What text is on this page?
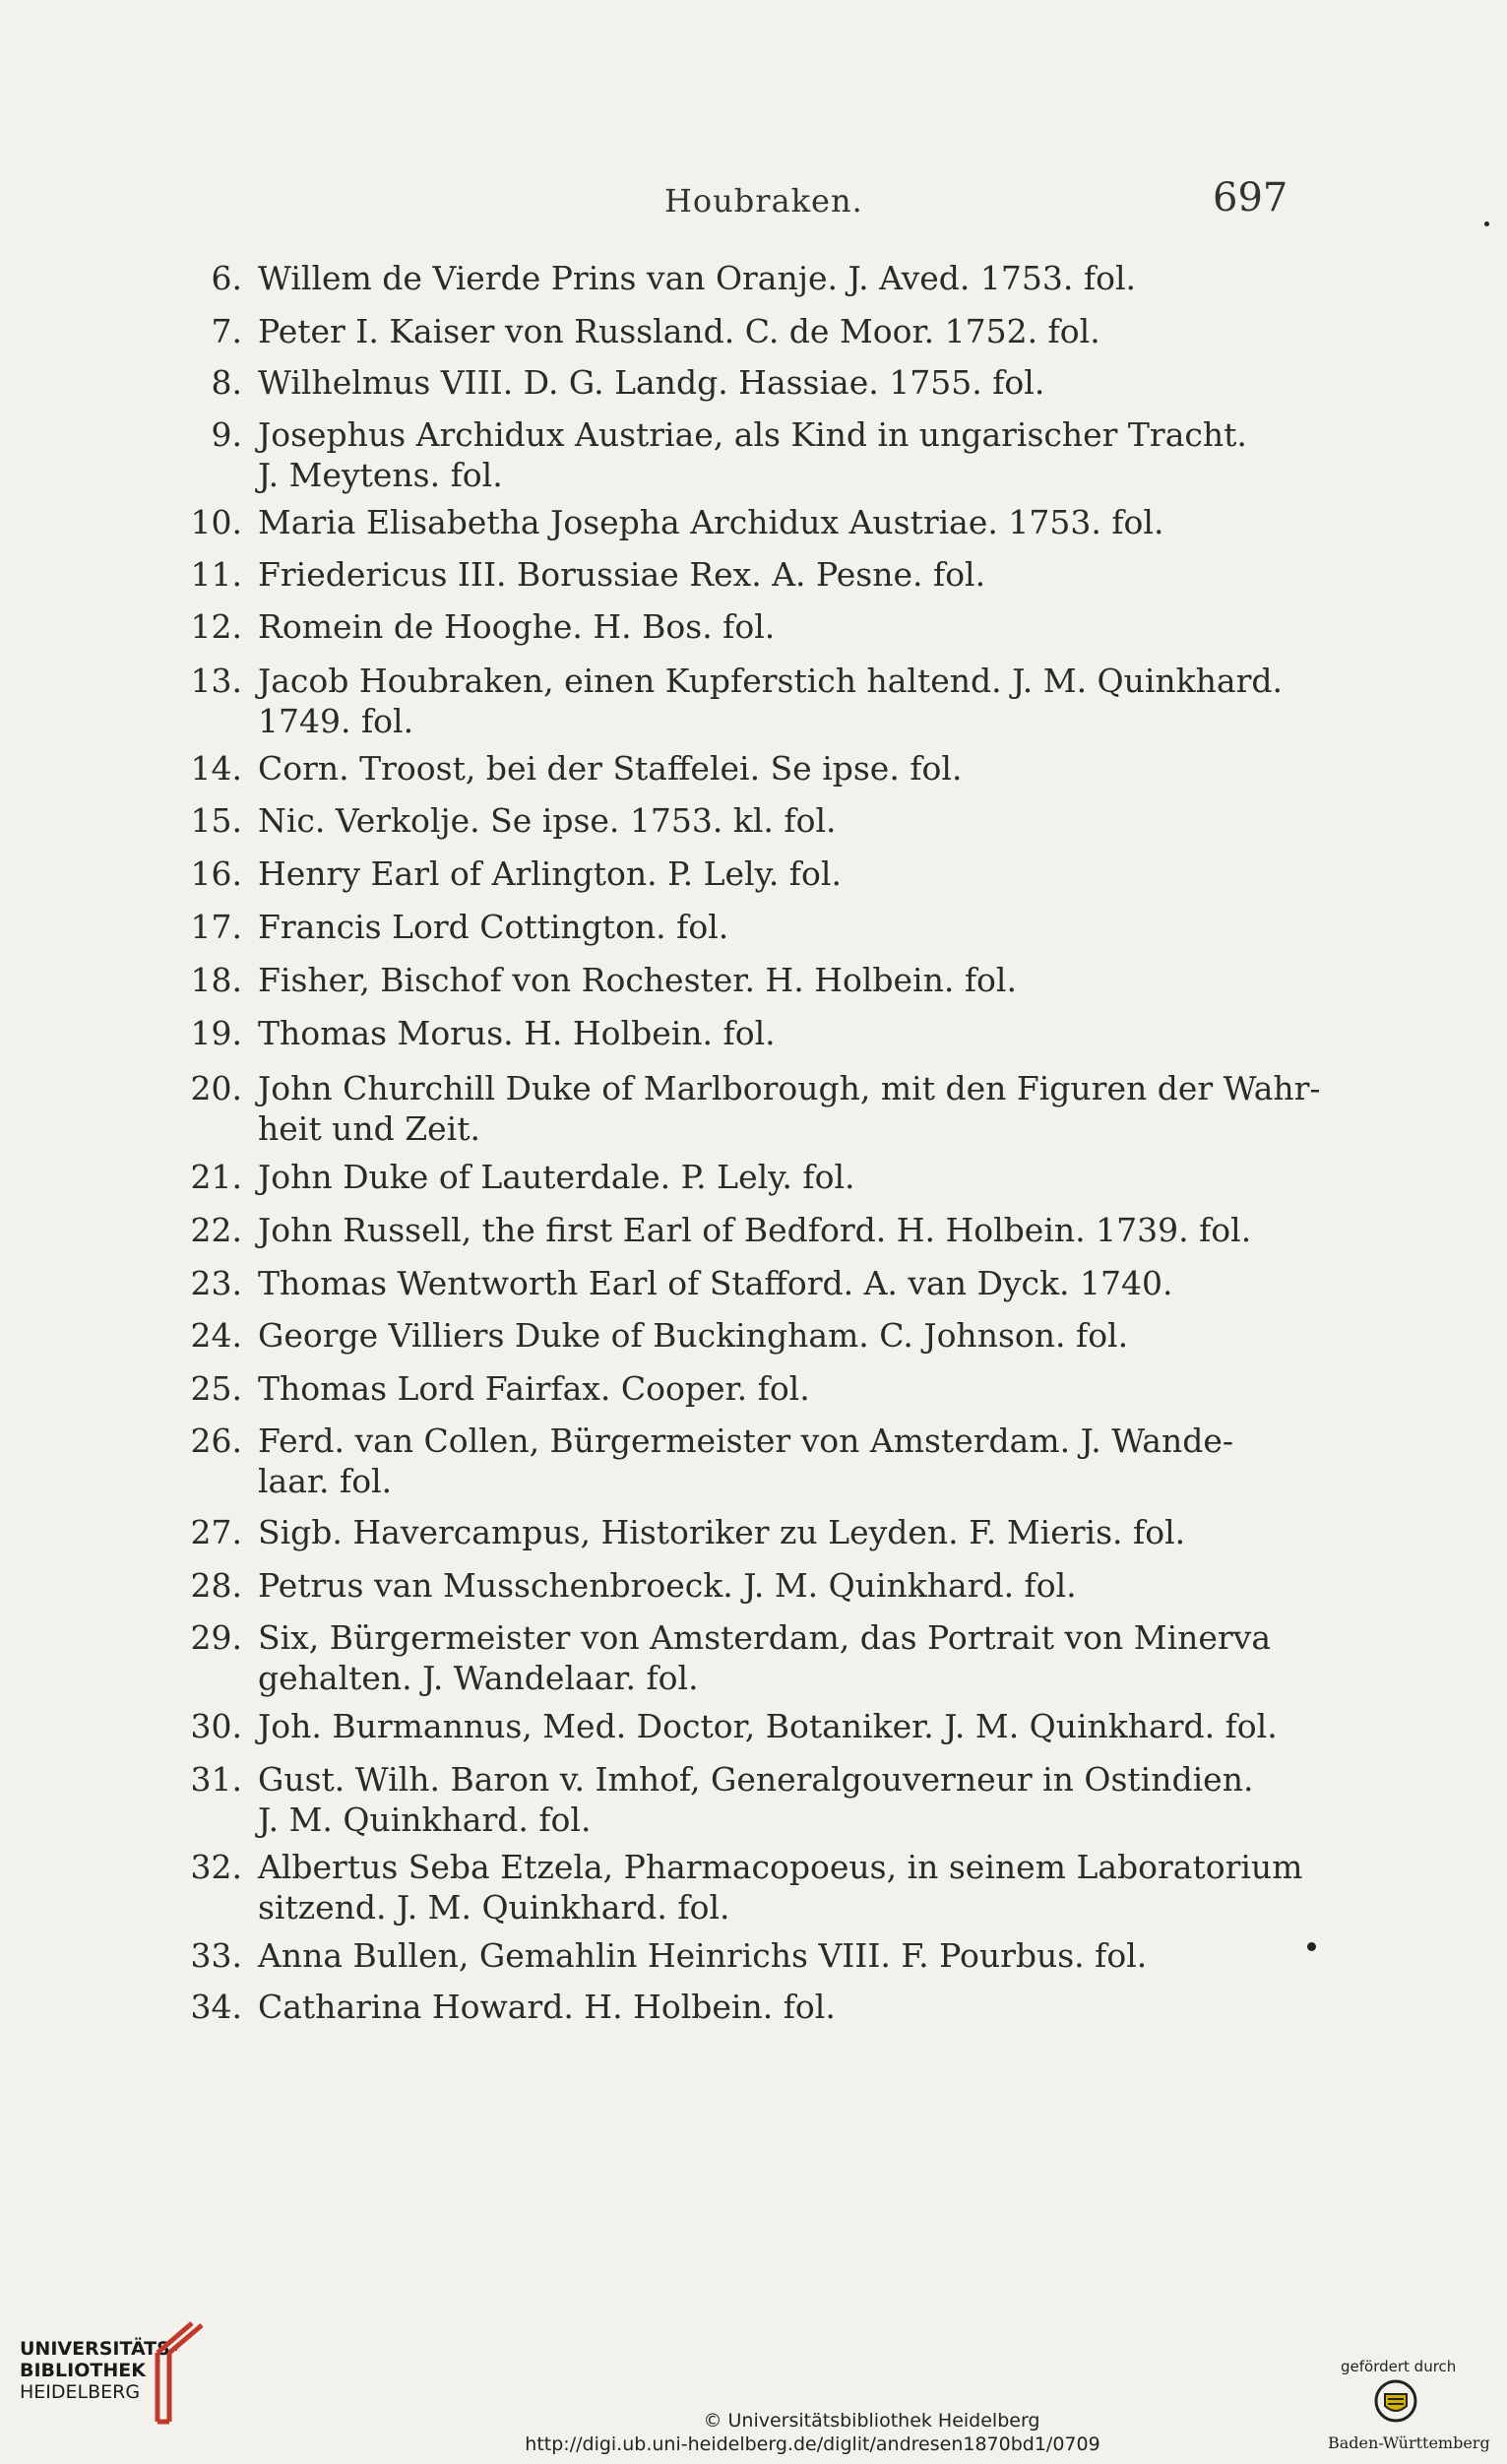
Houbraken.	697
6. Willem de Vierde Prins van Oranje. J. Aved. 1753. fol.
7. Peter I. Kaiser von Russland. C. de Moor. 1752. fol.
8. Wilhelmus VIII. D. G. Landg. Hassiae. 1755. fol.
9. Josephus Archidux Austriae, als Kind in ungarischer Tracht.
J. Meytens. fol.
10. Maria Elisabetha Josepha Archidux Austriae. 1753. fol.
11. Friedericus III. Borussiae Rex. A. Pesne. fol.
12. Romein de Hooghe. H. Bos. fol.
13. Jacob Houbraken, einen Kupferstich haltend. J. M. Quinkhard.
1749. fol.
14. Corn. Troost, bei der Staffelei. Se ipse. fol.
15. Nic. Verkolje. Se ipse. 1753. kl. fol.
16. Henry Earl of Arlington. P. Lely. fol.
17. Francis Lord Cottington. fol.
18. Fisher, Bischof von Rochester. H. Holbein. fol.
19. Thomas Morus. H. Holbein. fol.
20. John Churchill Duke of Marlborough, mit den Figuren der Wahr-
heit und Zeit.
21. John Duke of Lauterdale. P. Lely. fol.
22. John Russell, the first Earl of Bedford. H. Holbein. 1739. fol.
23. Thomas Wentworth Earl of Stafford. A. van Dyck. 1740.
24. George Villiers Duke of Buckingham. C. Johnson. fol.
25. Thomas Lord Fairfax. Cooper. fol.
26. Ferd. van Collen, Bürgermeister von Amsterdam. J. Wande-
laar. fol.
27. Sigb. Havercampus, Historiker zu Leyden. F. Mieris. fol.
28. Petrus van Musschenbroeck. J. M. Quinkhard. fol.
29. Six, Bürgermeister von Amsterdam, das Portrait von Minerva
gehalten. J. Wandelaar. fol.
30. Joh. Burmannus, Med. Doctor, Botaniker. J. M. Quinkhard. fol.
31. Gust. Wilh. Baron v. Imhof, Generalgouverneur in Ostindien.
J. M. Quinkhard. fol.
32. Albertus Seba Etzela, Pharmacopoeus, in seinem Laboratorium
sitzend. J. M. Quinkhard. fol.
33. Anna Bullen, Gemahlin Heinrichs VIII. F. Pourbus. fol.
34. Catharina Howard. H. Holbein. fol.
UNIVERSITÄTS-
BIBLIOTHEK
HEIDELBERG
© Universitätsbibliothek Heidelberg
http://digi.ub.uni-heidelberg.de/diglit/andresen1870bd1/0709
gefördert durch
Baden-Württemberg
